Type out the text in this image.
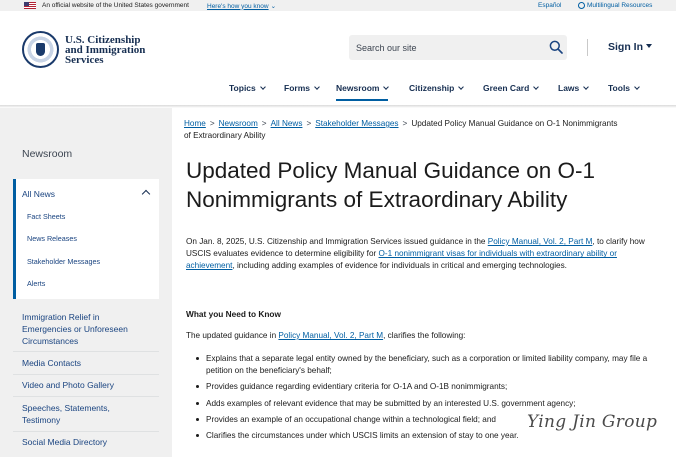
An official website of the United States government	Here's how you know ⌄	Español	Multilingual Resources
U.S. Citizenship
and Immigration
Services
Search our site
Sign In
Topics	Forms	Newsroom	Citizenship	Green Card	Laws	Tools
Newsroom
All News
Fact Sheets
News Releases
Stakeholder Messages
Alerts
Immigration Relief in Emergencies or Unforeseen Circumstances
Media Contacts
Video and Photo Gallery
Speeches, Statements, Testimony
Social Media Directory
Home > Newsroom > All News > Stakeholder Messages > Updated Policy Manual Guidance on O-1 Nonimmigrants of Extraordinary Ability
Updated Policy Manual Guidance on O-1 Nonimmigrants of Extraordinary Ability

On Jan. 8, 2025, U.S. Citizenship and Immigration Services issued guidance in the Policy Manual, Vol. 2, Part M, to clarify how USCIS evaluates evidence to determine eligibility for O-1 nonimmigrant visas for individuals with extraordinary ability or achievement, including adding examples of evidence for individuals in critical and emerging technologies.

What you Need to Know

The updated guidance in Policy Manual, Vol. 2, Part M, clarifies the following:

Explains that a separate legal entity owned by the beneficiary, such as a corporation or limited liability company, may file a petition on the beneficiary's behalf;
Provides guidance regarding evidentiary criteria for O-1A and O-1B nonimmigrants;
Adds examples of relevant evidence that may be submitted by an interested U.S. government agency;
Provides an example of an occupational change within a technological field; and
Clarifies the circumstances under which USCIS limits an extension of stay to one year.
Ying Jin Group
